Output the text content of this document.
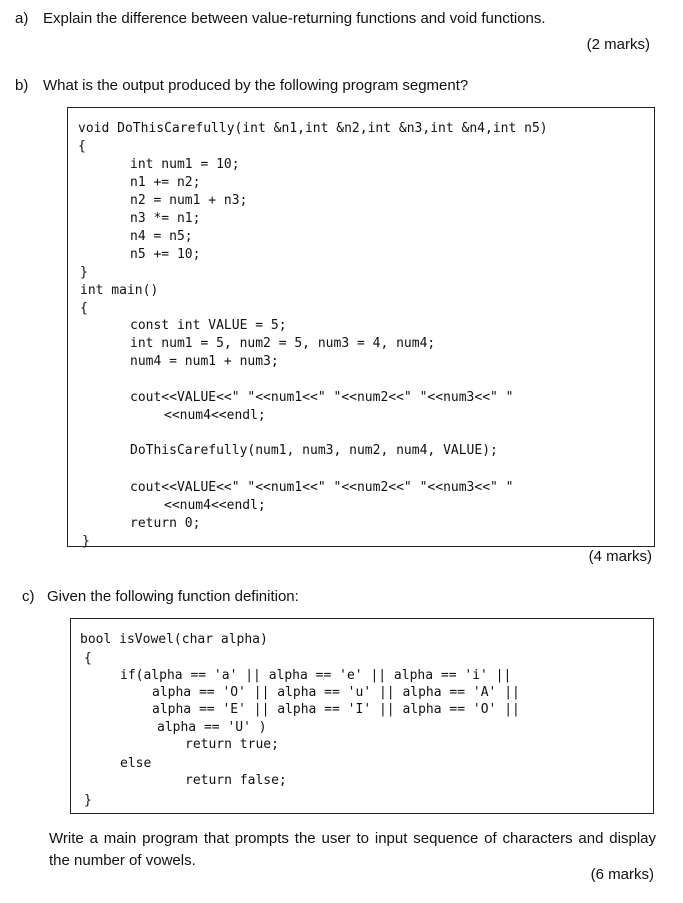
a) Explain the difference between value-returning functions and void functions.
(2 marks)
b) What is the output produced by the following program segment?
void DoThisCarefully(int &n1,int &n2,int &n3,int &n4,int n5)
{
int num1 = 10;
n1 += n2;
n2 = num1 + n3;
n3 *= n1;
n4 = n5;
n5 += 10;
}
int main()
{
const int VALUE = 5;
int num1 = 5, num2 = 5, num3 = 4, num4;
num4 = num1 + num3;
cout<<VALUE<<" "<<num1<<" "<<num2<<" "<<num3<<" "
<<num4<<endl;
DoThisCarefully(num1, num3, num2, num4, VALUE);
cout<<VALUE<<" "<<num1<<" "<<num2<<" "<<num3<<" "
<<num4<<endl;
return 0;
}
(4 marks)
c) Given the following function definition:
bool isVowel(char alpha)
{
if(alpha == 'a' || alpha == 'e' || alpha == 'i' ||
alpha == 'O' || alpha == 'u' || alpha == 'A' ||
alpha == 'E' || alpha == 'I' || alpha == 'O' ||
alpha == 'U' )
return true;
else
return false;
}
Write a main program that prompts the user to input sequence of characters and display the number of vowels.
(6 marks)
